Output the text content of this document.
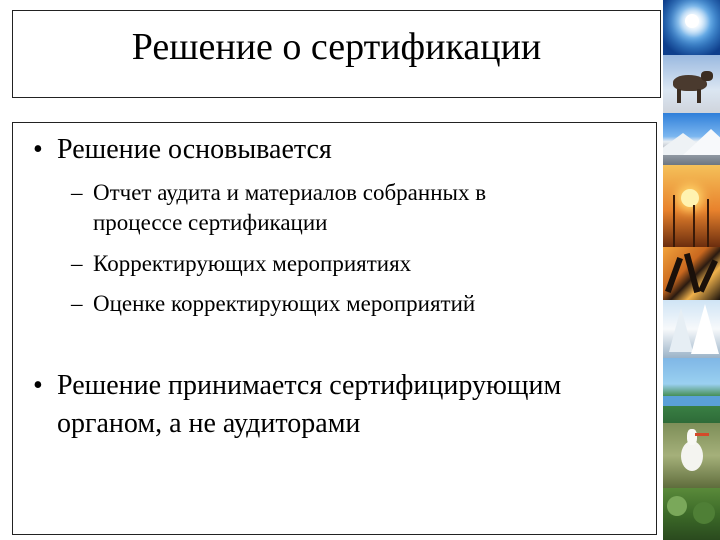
Решение о сертификации
• Решение основывается
– Отчет аудита и материалов собранных в
процессе сертификации
– Корректирующих мероприятиях
– Оценке корректирующих мероприятий
• Решение принимается сертифицирующим
органом, а не аудиторами
